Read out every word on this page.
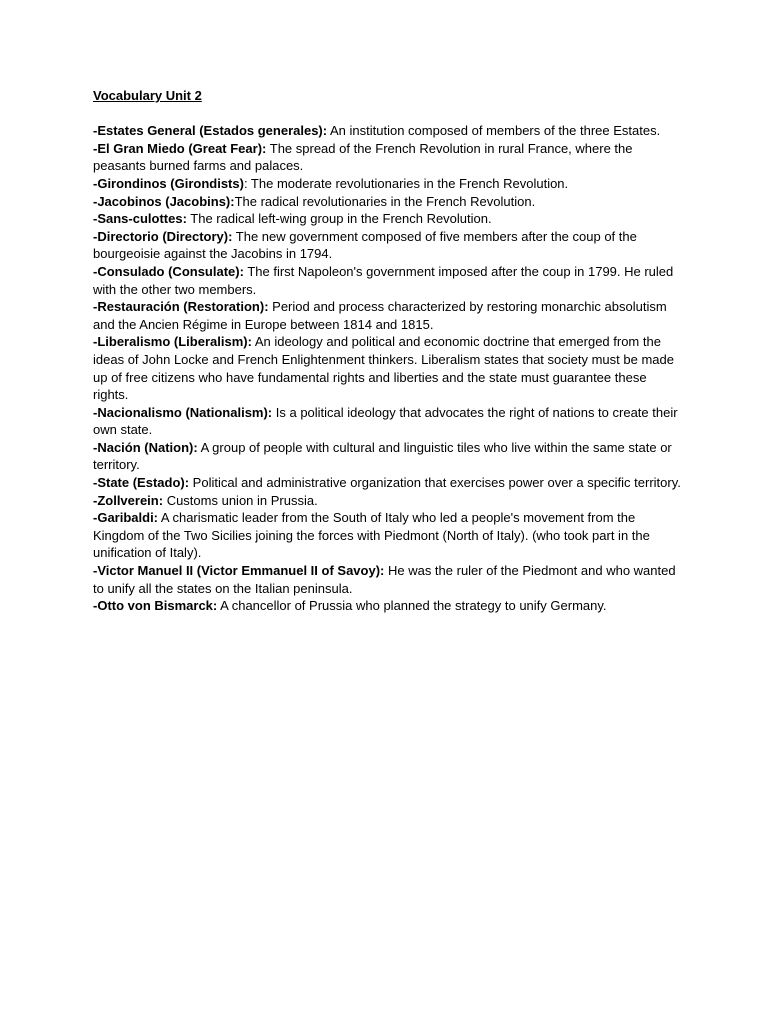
Vocabulary Unit 2

-Estates General (Estados generales): An institution composed of members of the three Estates.

-El Gran Miedo (Great Fear): The spread of the French Revolution in rural France, where the peasants burned farms and palaces.

-Girondinos (Girondists): The moderate revolutionaries in the French Revolution.

-Jacobinos (Jacobins):The radical revolutionaries in the French Revolution.

-Sans-culottes: The radical left-wing group in the French Revolution.

-Directorio (Directory): The new government composed of five members after the coup of the bourgeoisie against the Jacobins in 1794.

-Consulado (Consulate): The first Napoleon's government imposed after the coup in 1799. He ruled with the other two members.

-Restauración (Restoration): Period and process characterized by restoring monarchic absolutism and the Ancien Régime in Europe between 1814 and 1815.

-Liberalismo (Liberalism): An ideology and political and economic doctrine that emerged from the ideas of John Locke and French Enlightenment thinkers. Liberalism states that society must be made up of free citizens who have fundamental rights and liberties and the state must guarantee these rights.

-Nacionalismo (Nationalism): Is a political ideology that advocates the right of nations to create their own state.

-Nación (Nation): A group of people with cultural and linguistic tiles who live within the same state or territory.

-State (Estado): Political and administrative organization that exercises power over a specific territory.

-Zollverein: Customs union in Prussia.

-Garibaldi: A charismatic leader from the South of Italy who led a people's movement from the Kingdom of the Two Sicilies joining the forces with Piedmont (North of Italy). (who took part in the unification of Italy).

-Victor Manuel II (Victor Emmanuel II of Savoy): He was the ruler of the Piedmont and who wanted to unify all the states on the Italian peninsula.

-Otto von Bismarck: A chancellor of Prussia who planned the strategy to unify Germany.
